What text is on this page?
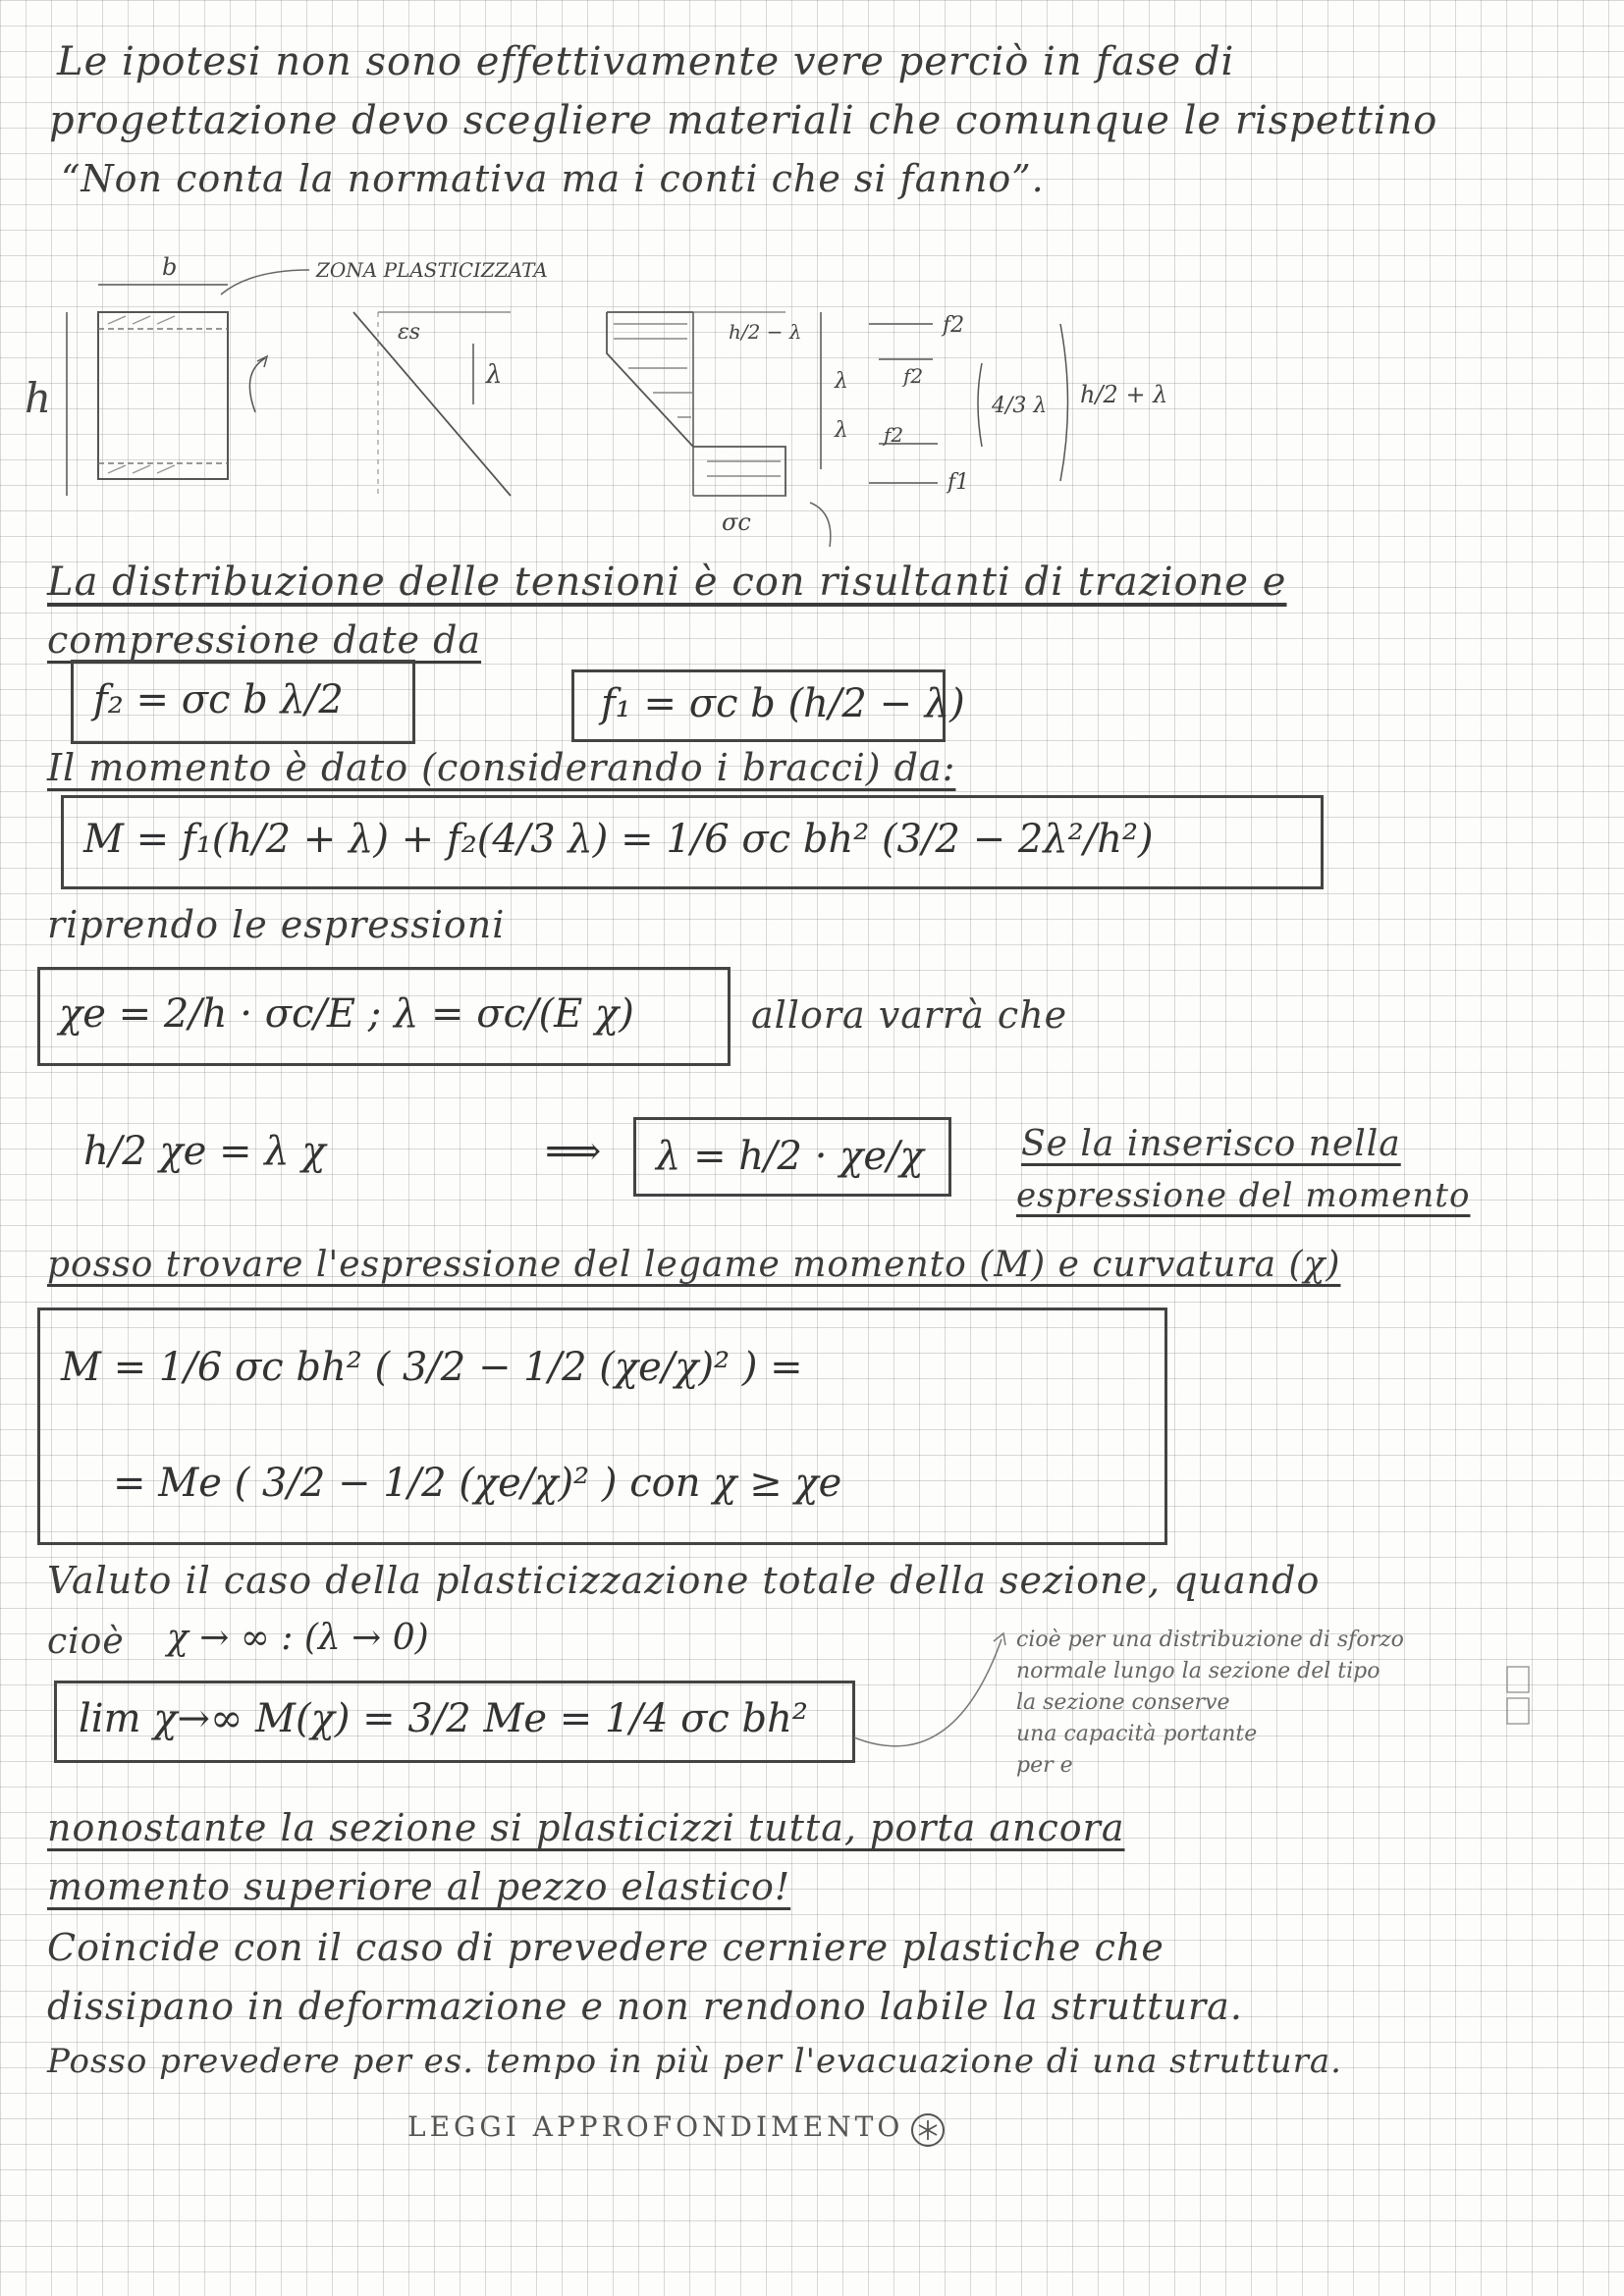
Le ipotesi non sono effettivamente vere perciò in fase di
progettazione devo scegliere materiali che comunque le rispettino
“Non conta la normativa ma i conti che si fanno”.
b
h
ZONA PLASTICIZZATA
εs
λ
σc
h/2 − λ
λ
λ
f2
f2
f2
f1
4/3 λ h/2 + λ
La distribuzione delle tensioni è con risultanti di trazione e
compressione date da
f₂ = σc b λ/2	f₁ = σc b (h/2 − λ)
Il momento è dato (considerando i bracci) da:
M = f₁(h/2 + λ) + f₂(4/3 λ) = 1/6 σc bh² (3/2 − 2λ²/h²)
riprendo le espressioni
χe = 2/h · σc/E ; λ = σc/(E χ)	allora varrà che
h/2 χe = λ χ	⟹ λ = h/2 · χe/χ	Se la inserisco nella
espressione del momento
posso trovare l'espressione del legame momento (M) e curvatura (χ)
M = 1/6 σc bh² ( 3/2 − 1/2 (χe/χ)² ) =
= Me ( 3/2 − 1/2 (χe/χ)² ) con χ ≥ χe
Valuto il caso della plasticizzazione totale della sezione, quando
cioè χ → ∞ : (λ → 0)
lim χ→∞ M(χ) = 3/2 Me = 1/4 σc bh²
cioè per una distribuzione di sforzo
normale lungo la sezione del tipo
la sezione conserve
una capacità portante
per e
nonostante la sezione si plasticizzi tutta, porta ancora
momento superiore al pezzo elastico!
Coincide con il caso di prevedere cerniere plastiche che
dissipano in deformazione e non rendono labile la struttura.
Posso prevedere per es. tempo in più per l'evacuazione di una struttura.
LEGGI APPROFONDIMENTO
